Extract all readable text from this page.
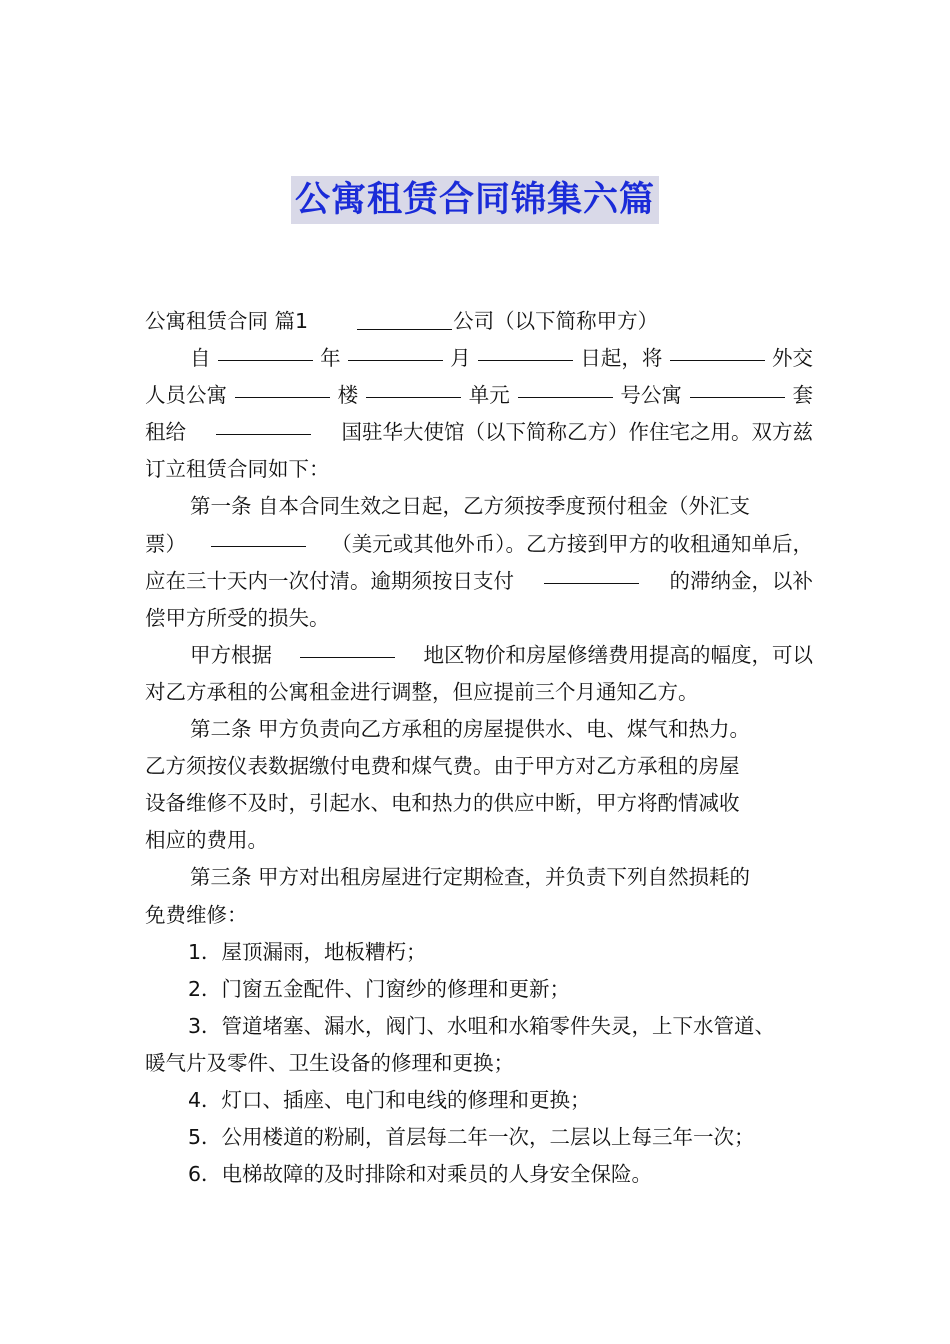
公寓租赁合同锦集六篇
公寓租赁合同 篇1	公司（以下简称甲方）
自	年	月	日起，将	外交
人员公寓	楼	单元	号公寓	套
租给	国驻华大使馆（以下简称乙方）作住宅之用。双方兹
订立租赁合同如下：
第一条 自本合同生效之日起，乙方须按季度预付租金（外汇支
票）	（美元或其他外币）。乙方接到甲方的收租通知单后，
应在三十天内一次付清。逾期须按日支付	的滞纳金，以补
偿甲方所受的损失。
甲方根据	地区物价和房屋修缮费用提高的幅度，可以
对乙方承租的公寓租金进行调整，但应提前三个月通知乙方。
第二条 甲方负责向乙方承租的房屋提供水、电、煤气和热力。
乙方须按仪表数据缴付电费和煤气费。由于甲方对乙方承租的房屋
设备维修不及时，引起水、电和热力的供应中断，甲方将酌情减收
相应的费用。
第三条 甲方对出租房屋进行定期检查，并负责下列自然损耗的
免费维修：
1．屋顶漏雨，地板糟朽；
2．门窗五金配件、门窗纱的修理和更新；
3．管道堵塞、漏水，阀门、水咀和水箱零件失灵，上下水管道、
暖气片及零件、卫生设备的修理和更换；
4．灯口、插座、电门和电线的修理和更换；
5．公用楼道的粉刷，首层每二年一次，二层以上每三年一次；
6．电梯故障的及时排除和对乘员的人身安全保险。
